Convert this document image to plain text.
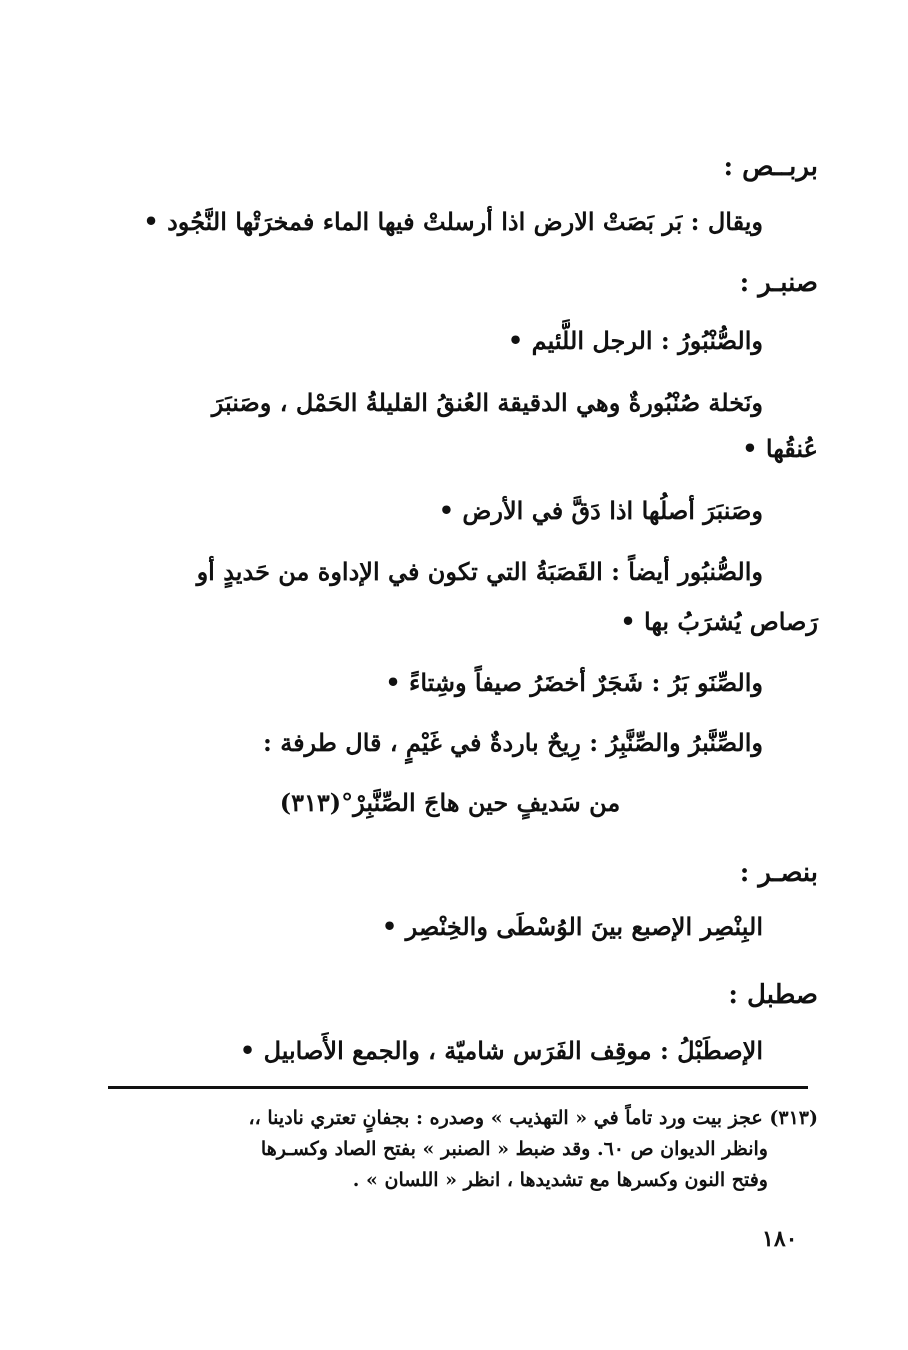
بربــص :
ويقال : بَر بَصَتْ الارض اذا أرسلتْ فيها الماء فمخرَتْها النَّجُود •
صنبـر :
والصُّنْبُورُ : الرجل اللَّئيم •
ونَخلة صُنْبُورةٌ وهي الدقيقة العُنقُ القليلةُ الحَمْل ، وصَنبَرَ
عُنقُها •
وصَنبَرَ أصلُها اذا دَقَّ في الأرض •
والصُّنبُور أيضاً : القَصَبَةُ التي تكون في الإداوة من حَديدٍ أو
رَصاص يُشرَبُ بها •
والصِّنَو بَرُ : شَجَرٌ أخضَرُ صيفاً وشِتاءً •
والصِّنَّبرُ والصِّنَّبِرُ : رِيحٌ باردةٌ في غَيْمٍ ، قال طرفة :
من سَديفٍ حين هاجَ الصِّنَّبِرْ°(٣١٣)
بنصـر :
البِنْصِر الإصبع بينَ الوُسْطَى والخِنْصِر •
صطبل :
الإصطَبْلُ : موقِف الفَرَس شاميّة ، والجمع الأَصابيل •
(٣١٣) عجز بيت ورد تاماً في « التهذيب » وصدره : بجفانٍ تعتري نادينا ،،
وانظر الديوان ص ٦٠. وقد ضبط « الصنبر » بفتح الصاد وكسـرها
وفتح النون وكسرها مع تشديدها ، انظر « اللسان » .
١٨٠
